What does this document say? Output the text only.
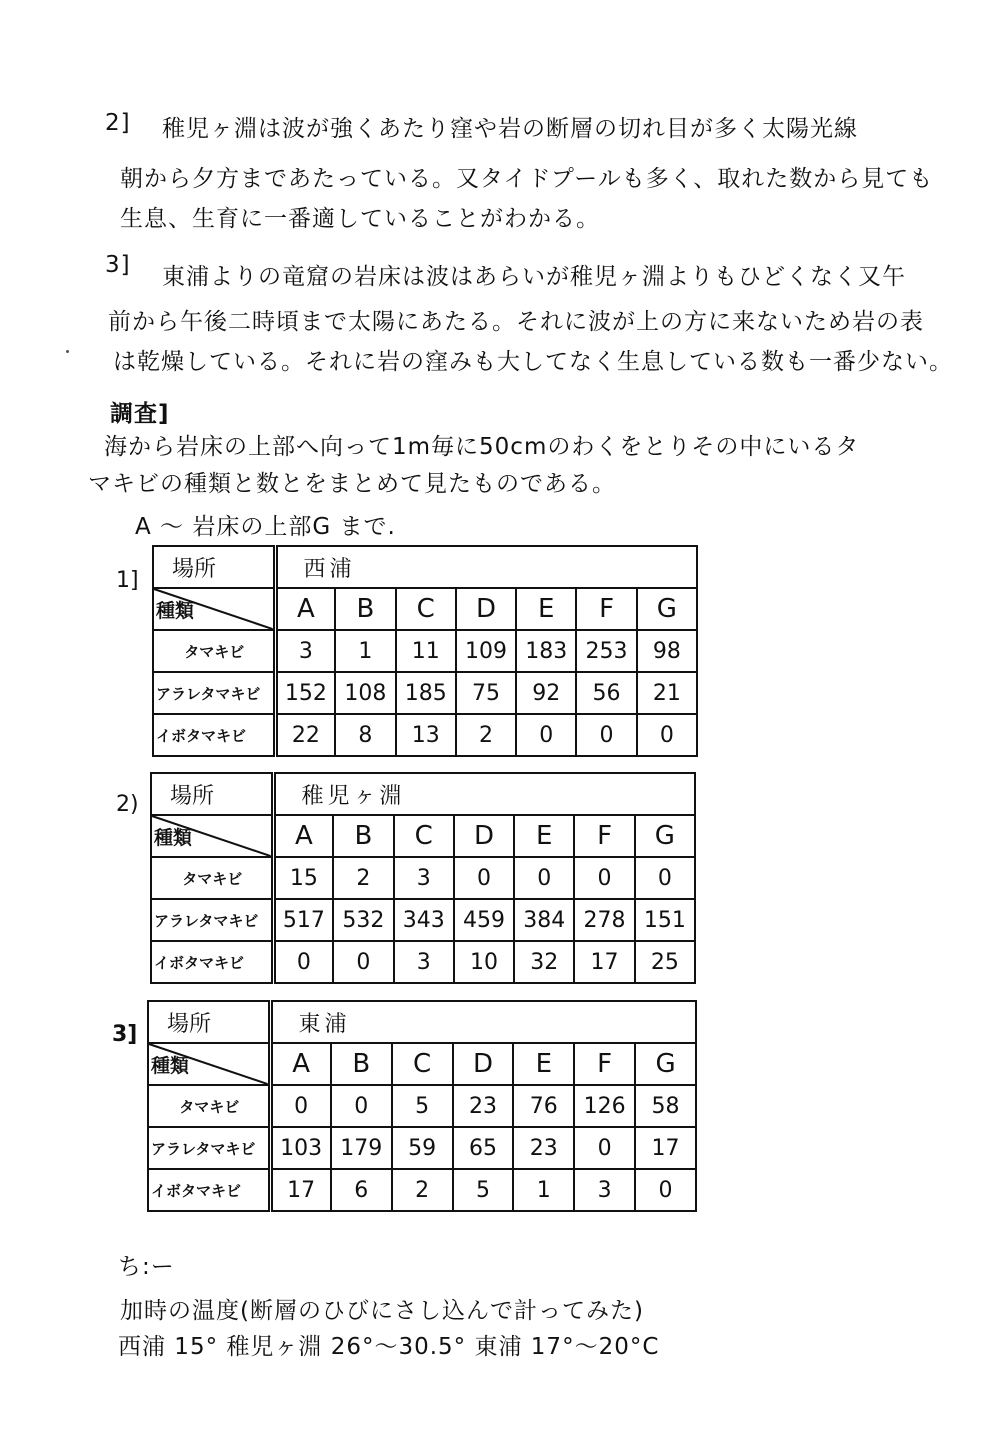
2] 稚児ヶ淵は波が強くあたり窪や岩の断層の切れ目が多く太陽光線
朝から夕方まであたっている。又タイドプールも多く、取れた数から見ても
生息、生育に一番適していることがわかる。
3] 東浦よりの竜窟の岩床は波はあらいが稚児ヶ淵よりもひどくなく又午
前から午後二時頃まで太陽にあたる。それに波が上の方に来ないため岩の表
は乾燥している。それに岩の窪みも大してなく生息している数も一番少ない。
調査]
海から岩床の上部へ向って1m毎に50cmのわくをとりその中にいるタ
マキビの種類と数とをまとめて見たものである。
A 〜 岩床の上部G まで.
1] 場所	西浦						

種類	A	B	C	D	E	F	G
タマキビ	3	1	11	109	183	253	98
アラレタマキビ	152	108	185	75	92	56	21
イボタマキビ	22	8	13	2	0	0	0
2) 場所	稚児ヶ淵						

種類	A	B	C	D	E	F	G
タマキビ	15	2	3	0	0	0	0
アラレタマキビ	517	532	343	459	384	278	151
イボタマキビ	0	0	3	10	32	17	25
3] 場所	東浦						

種類	A	B	C	D	E	F	G
タマキビ	0	0	5	23	76	126	58
アラレタマキビ	103	179	59	65	23	0	17
イボタマキビ	17	6	2	5	1	3	0
ち:ー
加時の温度(断層のひびにさし込んで計ってみた)
西浦 15° 稚児ヶ淵 26°〜30.5° 東浦 17°〜20°C
